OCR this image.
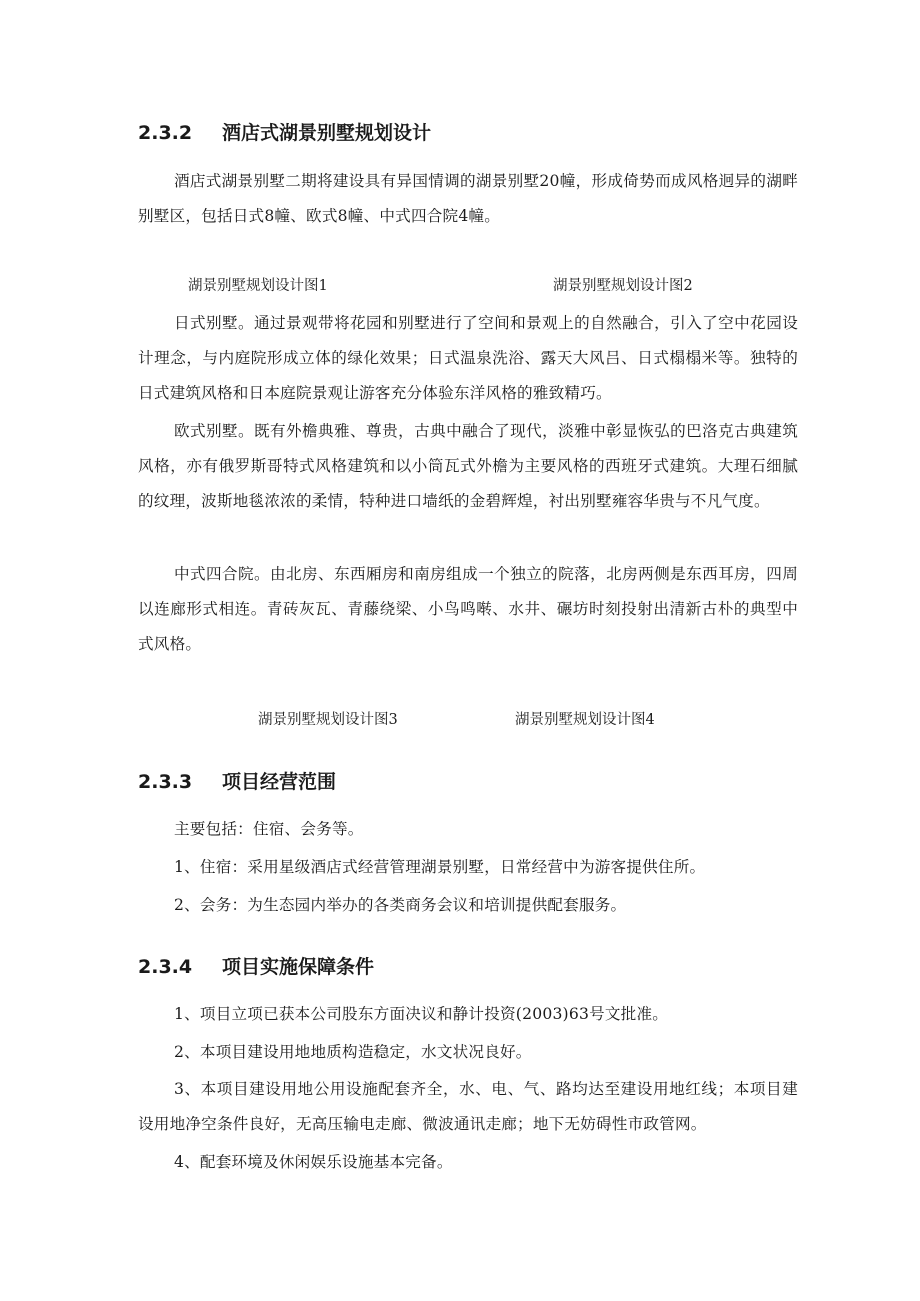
2.3.2 酒店式湖景别墅规划设计

酒店式湖景别墅二期将建设具有异国情调的湖景别墅20幢，形成倚势而成风格迥异的湖畔别墅区，包括日式8幢、欧式8幢、中式四合院4幢。

湖景别墅规划设计图1	湖景别墅规划设计图2

日式别墅。通过景观带将花园和别墅进行了空间和景观上的自然融合，引入了空中花园设计理念，与内庭院形成立体的绿化效果；日式温泉洗浴、露天大风吕、日式榻榻米等。独特的日式建筑风格和日本庭院景观让游客充分体验东洋风格的雅致精巧。

欧式别墅。既有外檐典雅、尊贵，古典中融合了现代，淡雅中彰显恢弘的巴洛克古典建筑风格，亦有俄罗斯哥特式风格建筑和以小筒瓦式外檐为主要风格的西班牙式建筑。大理石细腻的纹理，波斯地毯浓浓的柔情，特种进口墙纸的金碧辉煌，衬出别墅雍容华贵与不凡气度。

中式四合院。由北房、东西厢房和南房组成一个独立的院落，北房两侧是东西耳房，四周以连廊形式相连。青砖灰瓦、青藤绕梁、小鸟鸣啭、水井、碾坊时刻投射出清新古朴的典型中式风格。

湖景别墅规划设计图3	湖景别墅规划设计图4

2.3.3 项目经营范围

主要包括：住宿、会务等。

1、住宿：采用星级酒店式经营管理湖景别墅，日常经营中为游客提供住所。

2、会务：为生态园内举办的各类商务会议和培训提供配套服务。

2.3.4 项目实施保障条件

1、项目立项已获本公司股东方面决议和静计投资(2003)63号文批准。

2、本项目建设用地地质构造稳定，水文状况良好。

3、本项目建设用地公用设施配套齐全，水、电、气、路均达至建设用地红线；本项目建设用地净空条件良好，无高压输电走廊、微波通讯走廊；地下无妨碍性市政管网。

4、配套环境及休闲娱乐设施基本完备。
